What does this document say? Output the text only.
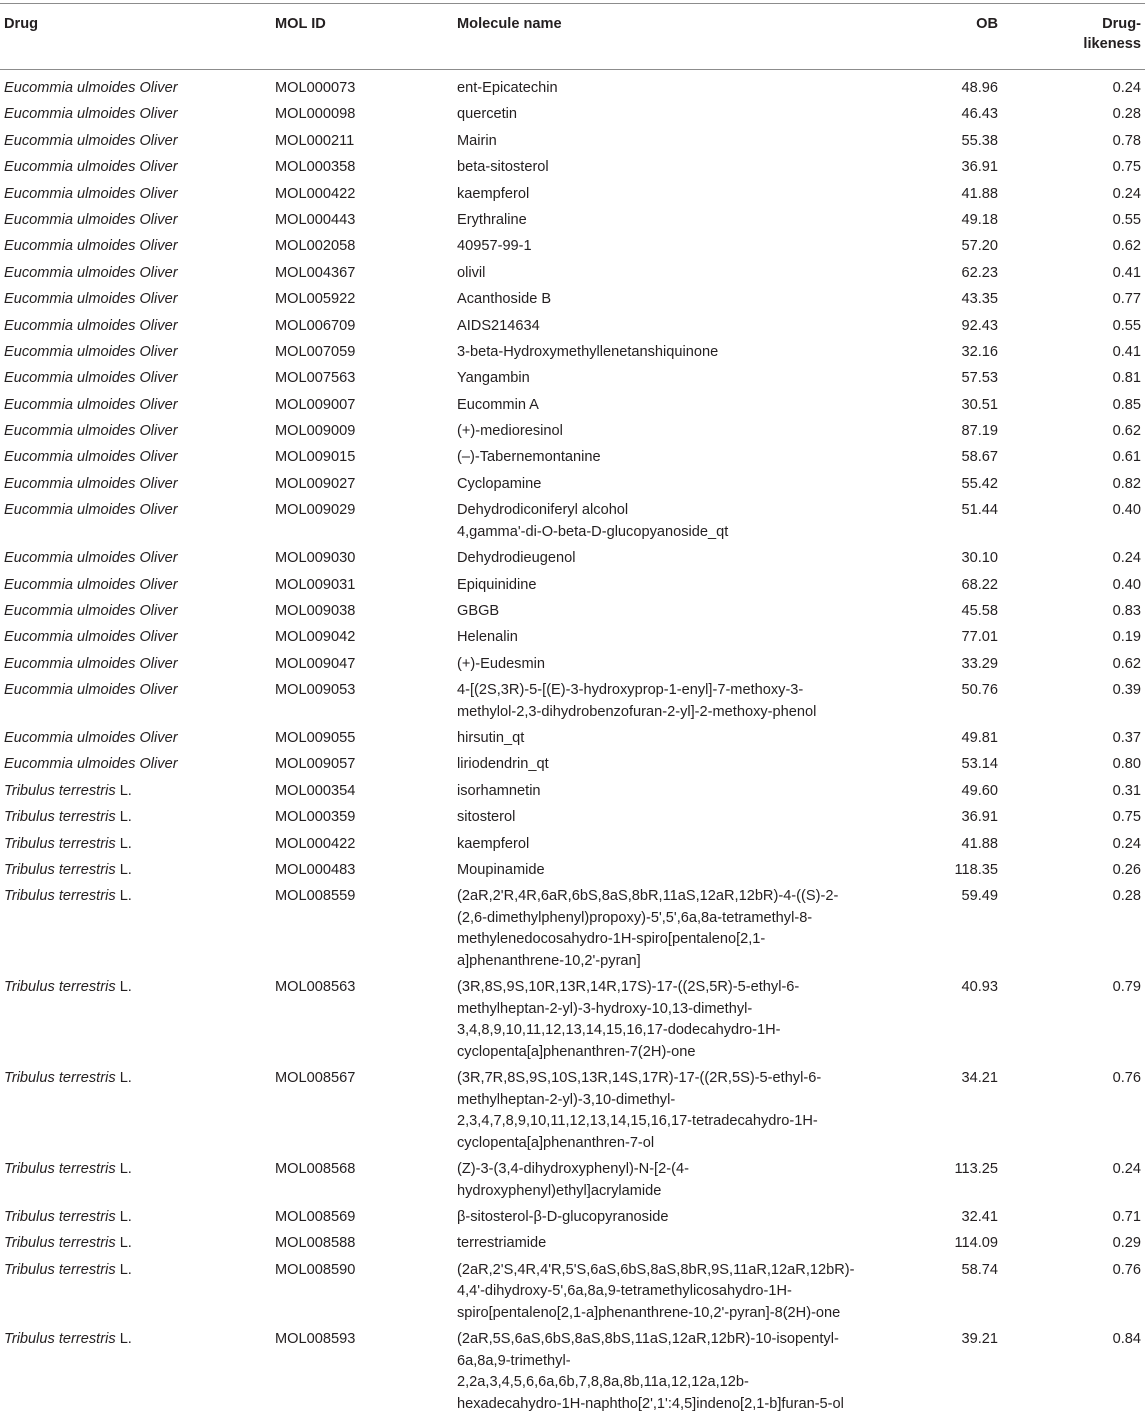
Drug	MOL ID	Molecule name	OB	Drug-
likeness
Eucommia ulmoides Oliver	MOL000073	ent-Epicatechin	48.96	0.24
Eucommia ulmoides Oliver	MOL000098	quercetin	46.43	0.28
Eucommia ulmoides Oliver	MOL000211	Mairin	55.38	0.78
Eucommia ulmoides Oliver	MOL000358	beta-sitosterol	36.91	0.75
Eucommia ulmoides Oliver	MOL000422	kaempferol	41.88	0.24
Eucommia ulmoides Oliver	MOL000443	Erythraline	49.18	0.55
Eucommia ulmoides Oliver	MOL002058	40957-99-1	57.20	0.62
Eucommia ulmoides Oliver	MOL004367	olivil	62.23	0.41
Eucommia ulmoides Oliver	MOL005922	Acanthoside B	43.35	0.77
Eucommia ulmoides Oliver	MOL006709	AIDS214634	92.43	0.55
Eucommia ulmoides Oliver	MOL007059	3-beta-Hydroxymethyllenetanshiquinone	32.16	0.41
Eucommia ulmoides Oliver	MOL007563	Yangambin	57.53	0.81
Eucommia ulmoides Oliver	MOL009007	Eucommin A	30.51	0.85
Eucommia ulmoides Oliver	MOL009009	(+)-medioresinol	87.19	0.62
Eucommia ulmoides Oliver	MOL009015	(–)-Tabernemontanine	58.67	0.61
Eucommia ulmoides Oliver	MOL009027	Cyclopamine	55.42	0.82
Eucommia ulmoides Oliver	MOL009029	Dehydrodiconiferyl alcohol
4,gamma'-di-O-beta-D-glucopyanoside_qt	51.44	0.40
Eucommia ulmoides Oliver	MOL009030	Dehydrodieugenol	30.10	0.24
Eucommia ulmoides Oliver	MOL009031	Epiquinidine	68.22	0.40
Eucommia ulmoides Oliver	MOL009038	GBGB	45.58	0.83
Eucommia ulmoides Oliver	MOL009042	Helenalin	77.01	0.19
Eucommia ulmoides Oliver	MOL009047	(+)-Eudesmin	33.29	0.62
Eucommia ulmoides Oliver	MOL009053	4-[(2S,3R)-5-[(E)-3-hydroxyprop-1-enyl]-7-methoxy-3-
methylol-2,3-dihydrobenzofuran-2-yl]-2-methoxy-phenol	50.76	0.39
Eucommia ulmoides Oliver	MOL009055	hirsutin_qt	49.81	0.37
Eucommia ulmoides Oliver	MOL009057	liriodendrin_qt	53.14	0.80
Tribulus terrestris L.	MOL000354	isorhamnetin	49.60	0.31
Tribulus terrestris L.	MOL000359	sitosterol	36.91	0.75
Tribulus terrestris L.	MOL000422	kaempferol	41.88	0.24
Tribulus terrestris L.	MOL000483	Moupinamide	118.35	0.26
Tribulus terrestris L.	MOL008559	(2aR,2'R,4R,6aR,6bS,8aS,8bR,11aS,12aR,12bR)-4-((S)-2-
(2,6-dimethylphenyl)propoxy)-5',5',6a,8a-tetramethyl-8-
methylenedocosahydro-1H-spiro[pentaleno[2,1-
a]phenanthrene-10,2'-pyran]	59.49	0.28
Tribulus terrestris L.	MOL008563	(3R,8S,9S,10R,13R,14R,17S)-17-((2S,5R)-5-ethyl-6-
methylheptan-2-yl)-3-hydroxy-10,13-dimethyl-
3,4,8,9,10,11,12,13,14,15,16,17-dodecahydro-1H-
cyclopenta[a]phenanthren-7(2H)-one	40.93	0.79
Tribulus terrestris L.	MOL008567	(3R,7R,8S,9S,10S,13R,14S,17R)-17-((2R,5S)-5-ethyl-6-
methylheptan-2-yl)-3,10-dimethyl-
2,3,4,7,8,9,10,11,12,13,14,15,16,17-tetradecahydro-1H-
cyclopenta[a]phenanthren-7-ol	34.21	0.76
Tribulus terrestris L.	MOL008568	(Z)-3-(3,4-dihydroxyphenyl)-N-[2-(4-
hydroxyphenyl)ethyl]acrylamide	113.25	0.24
Tribulus terrestris L.	MOL008569	β-sitosterol-β-D-glucopyranoside	32.41	0.71
Tribulus terrestris L.	MOL008588	terrestriamide	114.09	0.29
Tribulus terrestris L.	MOL008590	(2aR,2'S,4R,4'R,5'S,6aS,6bS,8aS,8bR,9S,11aR,12aR,12bR)-
4,4'-dihydroxy-5',6a,8a,9-tetramethylicosahydro-1H-
spiro[pentaleno[2,1-a]phenanthrene-10,2'-pyran]-8(2H)-one	58.74	0.76
Tribulus terrestris L.	MOL008593	(2aR,5S,6aS,6bS,8aS,8bS,11aS,12aR,12bR)-10-isopentyl-
6a,8a,9-trimethyl-
2,2a,3,4,5,6,6a,6b,7,8,8a,8b,11a,12,12a,12b-
hexadecahydro-1H-naphtho[2',1':4,5]indeno[2,1-b]furan-5-ol	39.21	0.84
